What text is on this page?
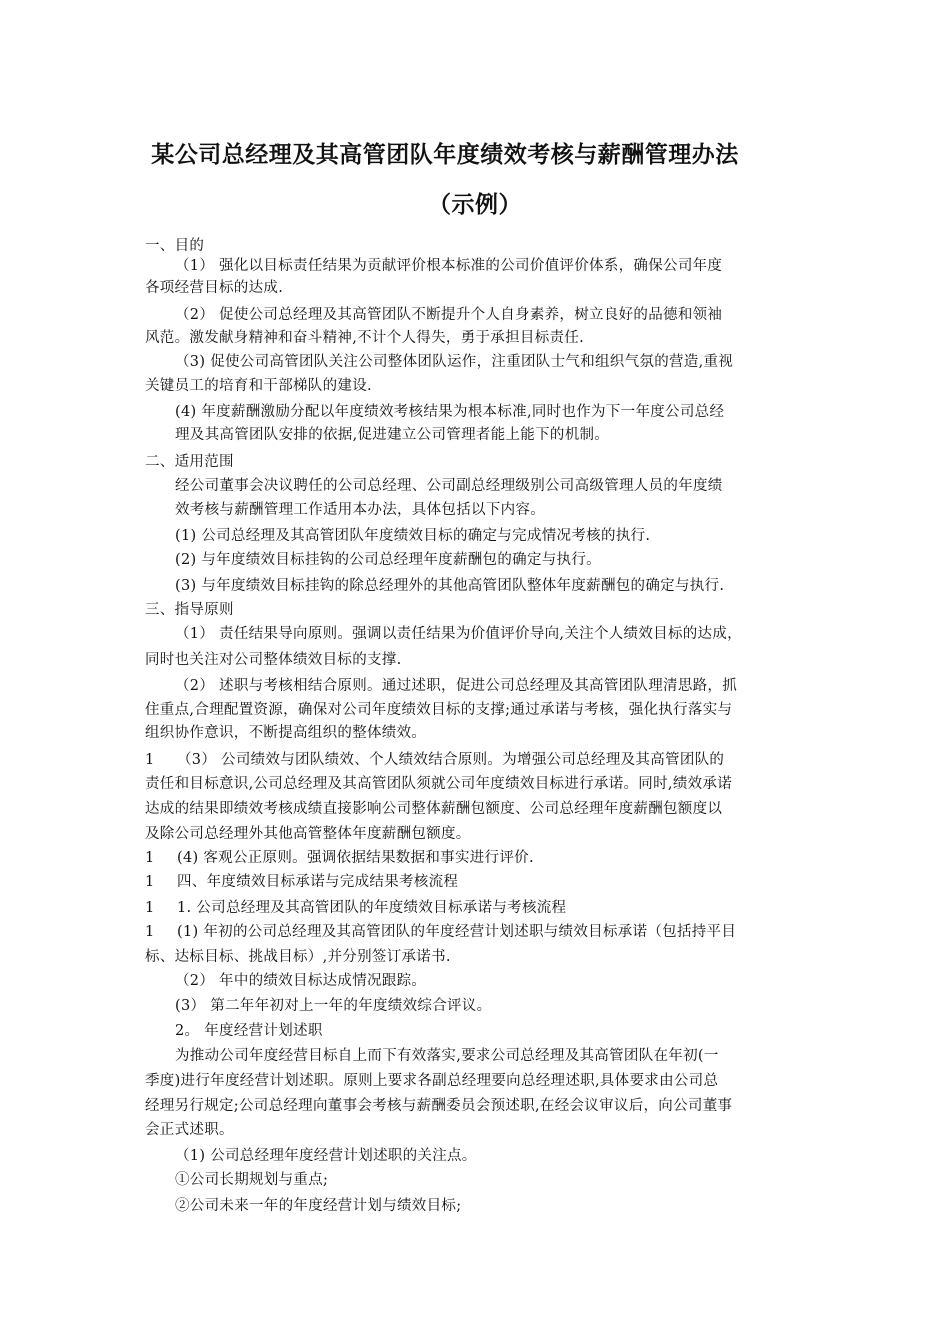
某公司总经理及其高管团队年度绩效考核与薪酬管理办法
（示例）

一、目的

（1） 强化以目标责任结果为贡献评价根本标准的公司价值评价体系，确保公司年度

各项经营目标的达成.

（2） 促使公司总经理及其高管团队不断提升个人自身素养，树立良好的品德和领袖

风范。激发献身精神和奋斗精神,不计个人得失，勇于承担目标责任.

（3) 促使公司高管团队关注公司整体团队运作，注重团队士气和组织气氛的营造,重视

关键员工的培育和干部梯队的建设.

(4) 年度薪酬激励分配以年度绩效考核结果为根本标准,同时也作为下一年度公司总经

理及其高管团队安排的依据,促进建立公司管理者能上能下的机制。

二、适用范围

经公司董事会决议聘任的公司总经理、公司副总经理级别公司高级管理人员的年度绩

效考核与薪酬管理工作适用本办法，具体包括以下内容。

(1) 公司总经理及其高管团队年度绩效目标的确定与完成情况考核的执行.

(2) 与年度绩效目标挂钩的公司总经理年度薪酬包的确定与执行。

(3) 与年度绩效目标挂钩的除总经理外的其他高管团队整体年度薪酬包的确定与执行.

三、指导原则

（1） 责任结果导向原则。强调以责任结果为价值评价导向,关注个人绩效目标的达成，

同时也关注对公司整体绩效目标的支撑.

（2） 述职与考核相结合原则。通过述职，促进公司总经理及其高管团队理清思路，抓

住重点,合理配置资源，确保对公司年度绩效目标的支撑;通过承诺与考核，强化执行落实与

组织协作意识，不断提高组织的整体绩效。

1 （3） 公司绩效与团队绩效、个人绩效结合原则。为增强公司总经理及其高管团队的

责任和目标意识,公司总经理及其高管团队须就公司年度绩效目标进行承诺。同时,绩效承诺

达成的结果即绩效考核成绩直接影响公司整体薪酬包额度、公司总经理年度薪酬包额度以

及除公司总经理外其他高管整体年度薪酬包额度。

1 (4) 客观公正原则。强调依据结果数据和事实进行评价.

1 四、年度绩效目标承诺与完成结果考核流程

1 1. 公司总经理及其高管团队的年度绩效目标承诺与考核流程

1 (1) 年初的公司总经理及其高管团队的年度经营计划述职与绩效目标承诺（包括持平目

标、达标目标、挑战目标）,并分别签订承诺书.

（2） 年中的绩效目标达成情况跟踪。

(3） 第二年年初对上一年的年度绩效综合评议。

2。 年度经营计划述职

为推动公司年度经营目标自上而下有效落实,要求公司总经理及其高管团队在年初(一

季度)进行年度经营计划述职。原则上要求各副总经理要向总经理述职,具体要求由公司总

经理另行规定;公司总经理向董事会考核与薪酬委员会预述职,在经会议审议后，向公司董事

会正式述职。

（1) 公司总经理年度经营计划述职的关注点。

①公司长期规划与重点;

②公司未来一年的年度经营计划与绩效目标;
